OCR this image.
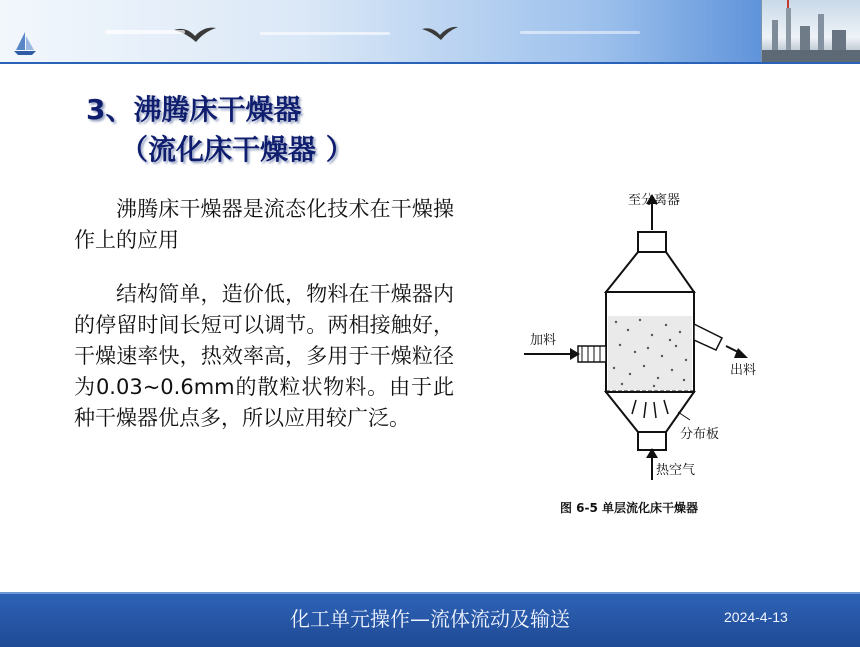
3、沸腾床干燥器
（流化床干燥器 ）
沸腾床干燥器是流态化技术在干燥操作上的应用
结构简单，造价低，物料在干燥器内的停留时间长短可以调节。两相接触好，干燥速率快，热效率高，多用于干燥粒径为0.03~0.6mm的散粒状物料。由于此种干燥器优点多，所以应用较广泛。
至分离器
热空气
分布板
加料
出料
图 6-5 单层流化床干燥器
化工单元操作—流体流动及输送	2024-4-13
